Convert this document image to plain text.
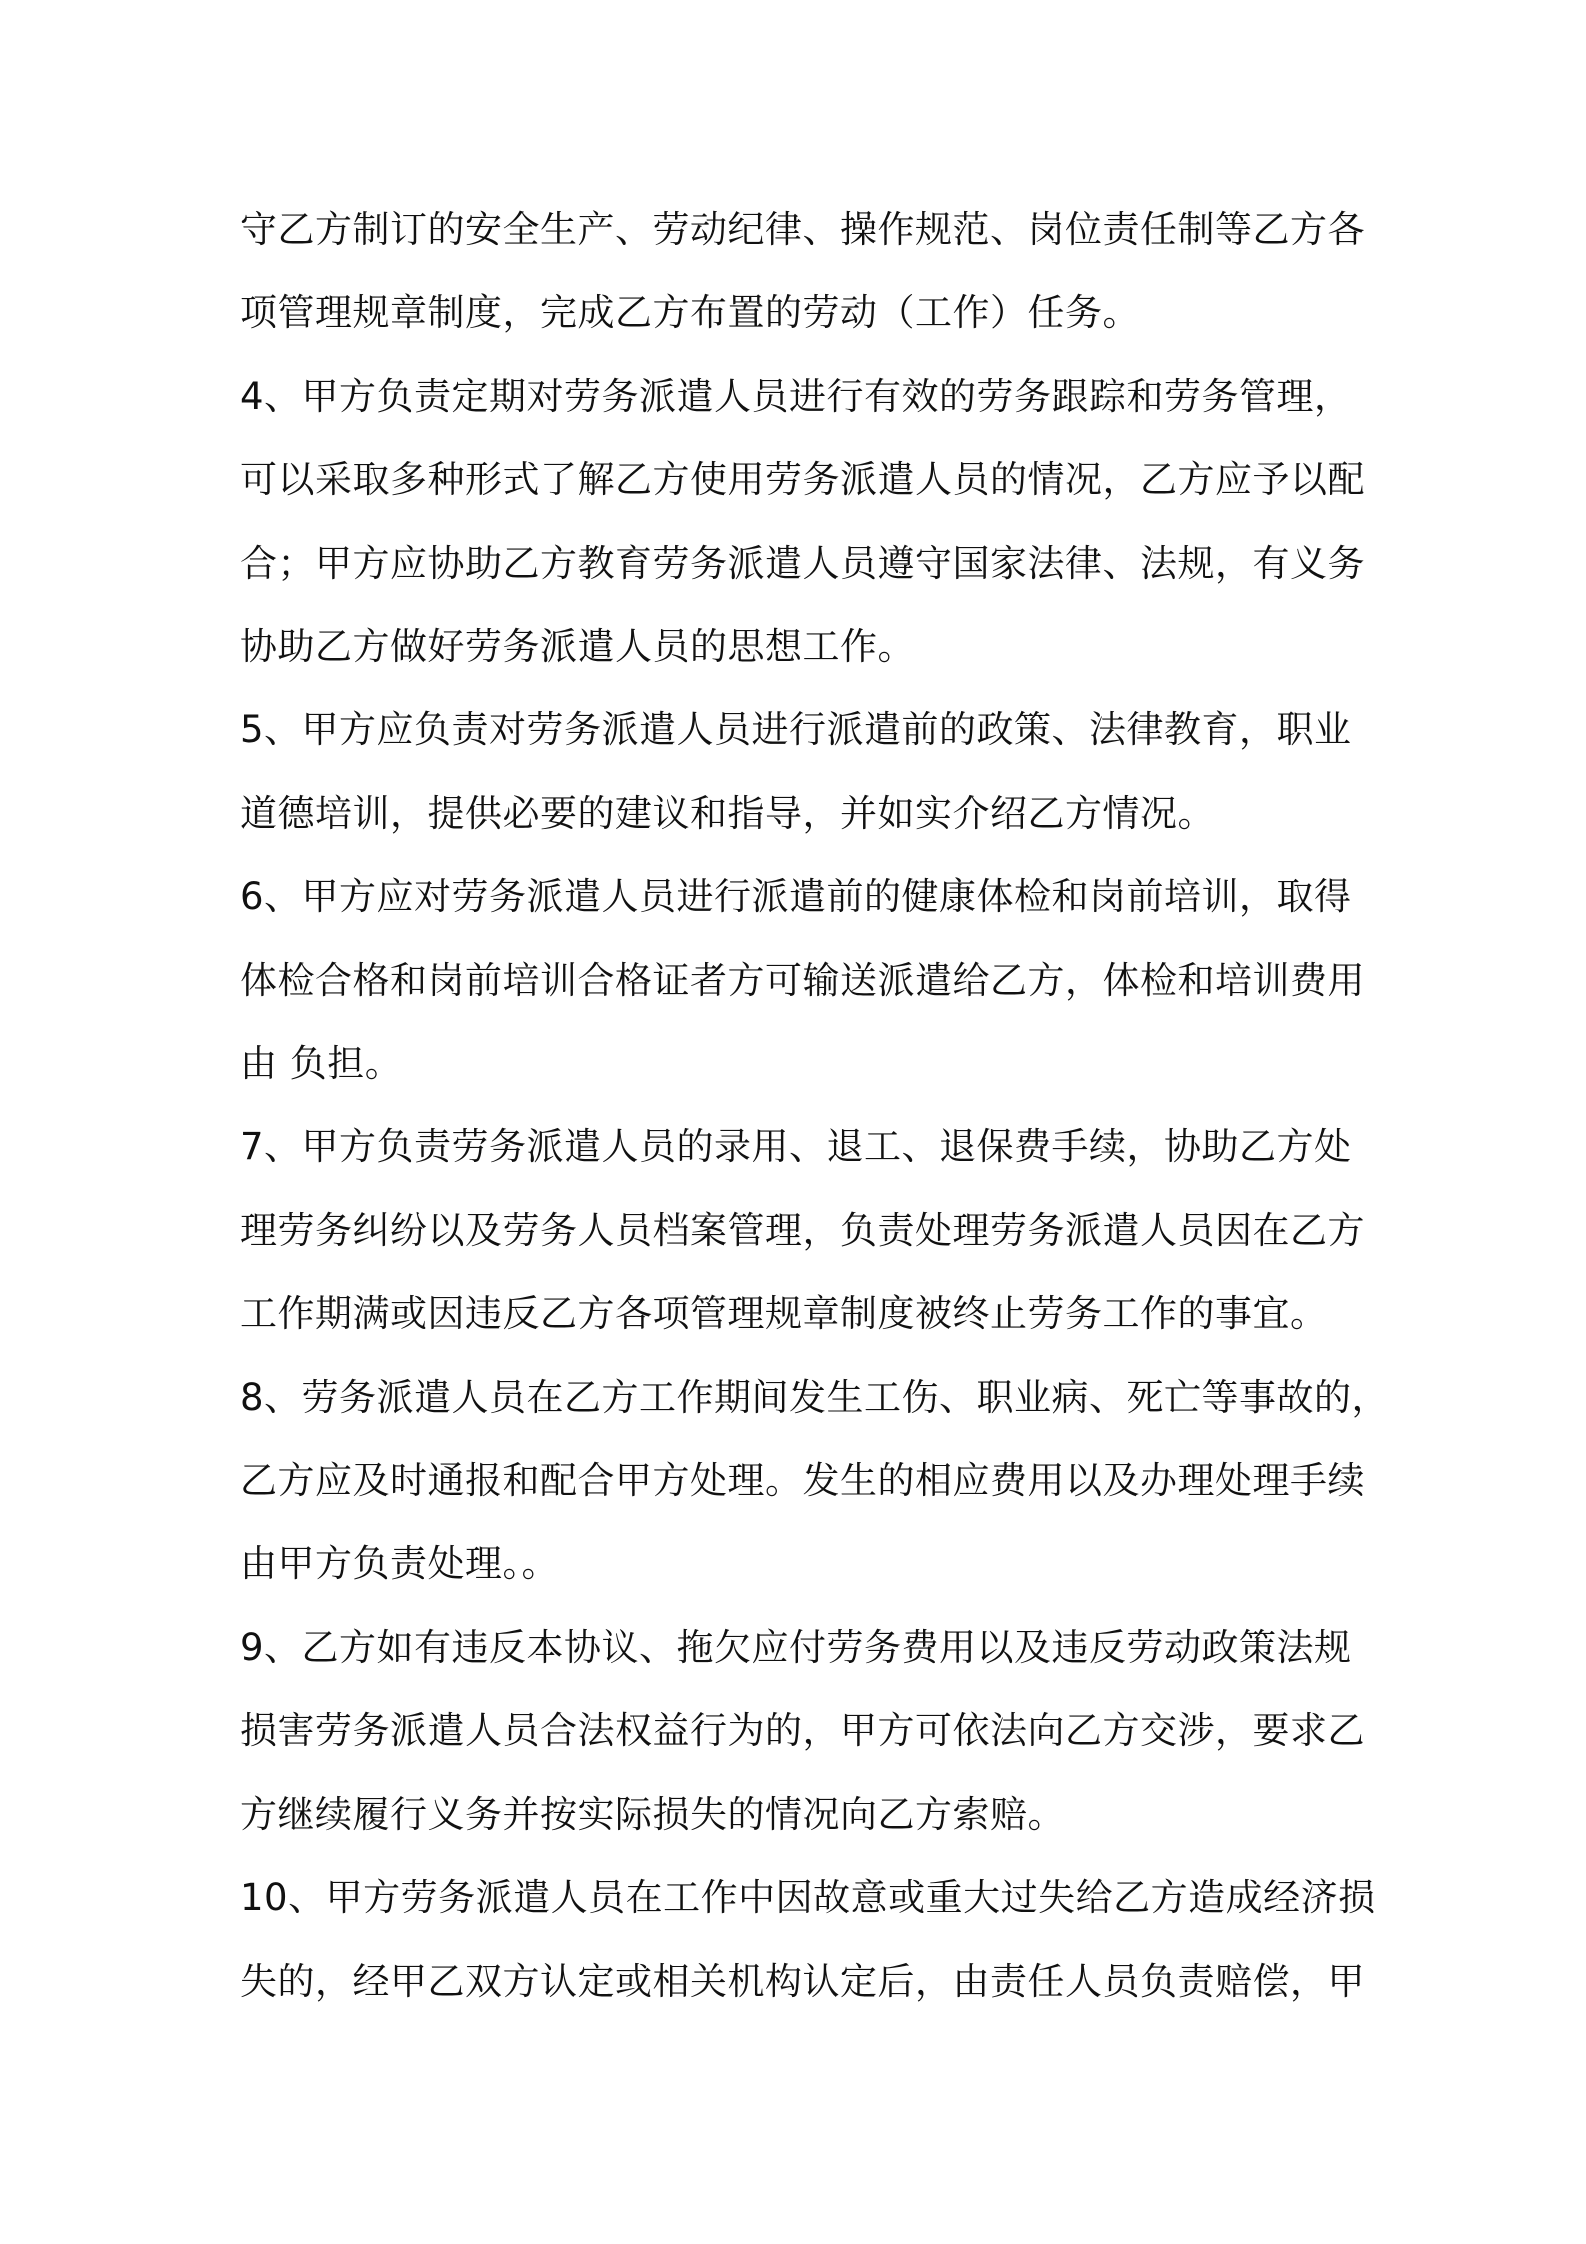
守乙方制订的安全生产、劳动纪律、操作规范、岗位责任制等乙方各

项管理规章制度，完成乙方布置的劳动（工作）任务。

4、甲方负责定期对劳务派遣人员进行有效的劳务跟踪和劳务管理，

可以采取多种形式了解乙方使用劳务派遣人员的情况，乙方应予以配

合；甲方应协助乙方教育劳务派遣人员遵守国家法律、法规，有义务

协助乙方做好劳务派遣人员的思想工作。

5、甲方应负责对劳务派遣人员进行派遣前的政策、法律教育，职业

道德培训，提供必要的建议和指导，并如实介绍乙方情况。

6、甲方应对劳务派遣人员进行派遣前的健康体检和岗前培训，取得

体检合格和岗前培训合格证者方可输送派遣给乙方，体检和培训费用

由 负担。

7、甲方负责劳务派遣人员的录用、退工、退保费手续，协助乙方处

理劳务纠纷以及劳务人员档案管理，负责处理劳务派遣人员因在乙方

工作期满或因违反乙方各项管理规章制度被终止劳务工作的事宜。

8、劳务派遣人员在乙方工作期间发生工伤、职业病、死亡等事故的，

乙方应及时通报和配合甲方处理。发生的相应费用以及办理处理手续

由甲方负责处理。。

9、乙方如有违反本协议、拖欠应付劳务费用以及违反劳动政策法规

损害劳务派遣人员合法权益行为的，甲方可依法向乙方交涉，要求乙

方继续履行义务并按实际损失的情况向乙方索赔。

10、甲方劳务派遣人员在工作中因故意或重大过失给乙方造成经济损

失的，经甲乙双方认定或相关机构认定后，由责任人员负责赔偿，甲
